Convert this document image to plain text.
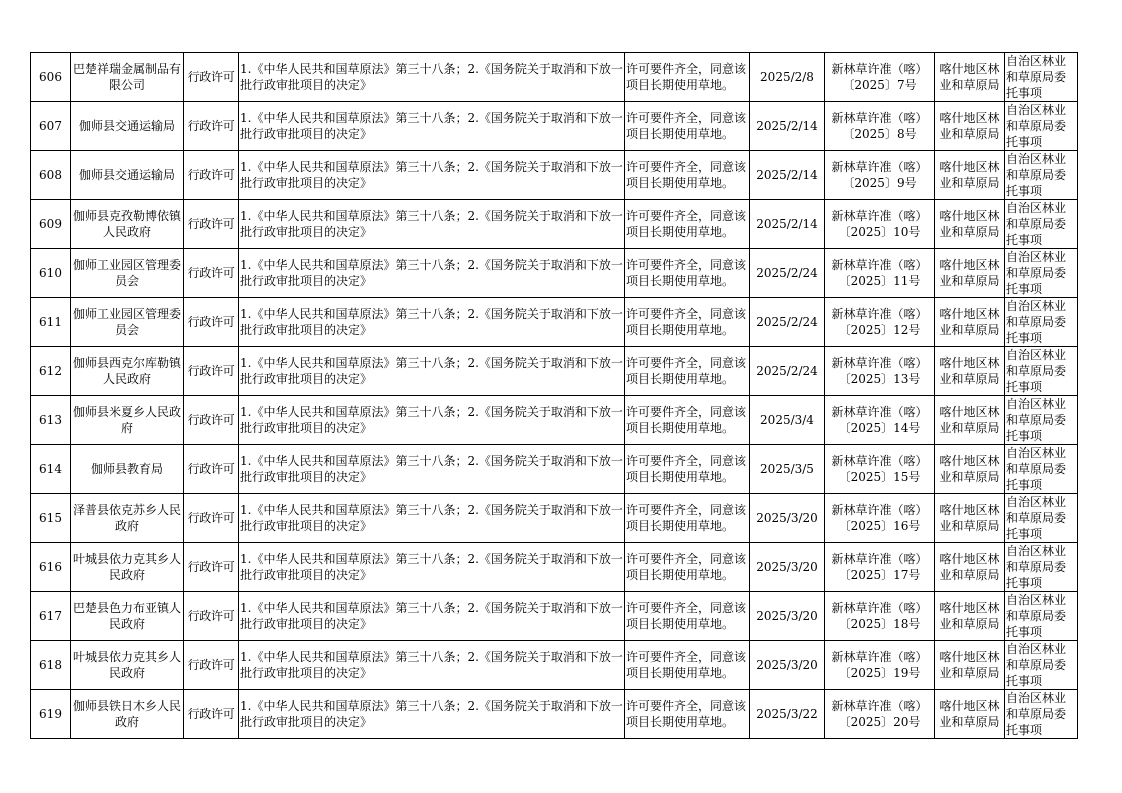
606	巴楚祥瑞金属制品有限公司	行政许可	1.《中华人民共和国草原法》第三十八条；2.《国务院关于取消和下放一批行政审批项目的决定》	许可要件齐全，同意该项目长期使用草地。	2025/2/8	新林草许准（喀）〔2025〕7号	喀什地区林业和草原局	自治区林业和草原局委托事项
607	伽师县交通运输局	行政许可	1.《中华人民共和国草原法》第三十八条；2.《国务院关于取消和下放一批行政审批项目的决定》	许可要件齐全，同意该项目长期使用草地。	2025/2/14	新林草许准（喀）〔2025〕8号	喀什地区林业和草原局	自治区林业和草原局委托事项
608	伽师县交通运输局	行政许可	1.《中华人民共和国草原法》第三十八条；2.《国务院关于取消和下放一批行政审批项目的决定》	许可要件齐全，同意该项目长期使用草地。	2025/2/14	新林草许准（喀）〔2025〕9号	喀什地区林业和草原局	自治区林业和草原局委托事项
609	伽师县克孜勒博依镇人民政府	行政许可	1.《中华人民共和国草原法》第三十八条；2.《国务院关于取消和下放一批行政审批项目的决定》	许可要件齐全，同意该项目长期使用草地。	2025/2/14	新林草许准（喀）〔2025〕10号	喀什地区林业和草原局	自治区林业和草原局委托事项
610	伽师工业园区管理委员会	行政许可	1.《中华人民共和国草原法》第三十八条；2.《国务院关于取消和下放一批行政审批项目的决定》	许可要件齐全，同意该项目长期使用草地。	2025/2/24	新林草许准（喀）〔2025〕11号	喀什地区林业和草原局	自治区林业和草原局委托事项
611	伽师工业园区管理委员会	行政许可	1.《中华人民共和国草原法》第三十八条；2.《国务院关于取消和下放一批行政审批项目的决定》	许可要件齐全，同意该项目长期使用草地。	2025/2/24	新林草许准（喀）〔2025〕12号	喀什地区林业和草原局	自治区林业和草原局委托事项
612	伽师县西克尔库勒镇人民政府	行政许可	1.《中华人民共和国草原法》第三十八条；2.《国务院关于取消和下放一批行政审批项目的决定》	许可要件齐全，同意该项目长期使用草地。	2025/2/24	新林草许准（喀）〔2025〕13号	喀什地区林业和草原局	自治区林业和草原局委托事项
613	伽师县米夏乡人民政府	行政许可	1.《中华人民共和国草原法》第三十八条；2.《国务院关于取消和下放一批行政审批项目的决定》	许可要件齐全，同意该项目长期使用草地。	2025/3/4	新林草许准（喀）〔2025〕14号	喀什地区林业和草原局	自治区林业和草原局委托事项
614	伽师县教育局	行政许可	1.《中华人民共和国草原法》第三十八条；2.《国务院关于取消和下放一批行政审批项目的决定》	许可要件齐全，同意该项目长期使用草地。	2025/3/5	新林草许准（喀）〔2025〕15号	喀什地区林业和草原局	自治区林业和草原局委托事项
615	泽普县依克苏乡人民政府	行政许可	1.《中华人民共和国草原法》第三十八条；2.《国务院关于取消和下放一批行政审批项目的决定》	许可要件齐全，同意该项目长期使用草地。	2025/3/20	新林草许准（喀）〔2025〕16号	喀什地区林业和草原局	自治区林业和草原局委托事项
616	叶城县依力克其乡人民政府	行政许可	1.《中华人民共和国草原法》第三十八条；2.《国务院关于取消和下放一批行政审批项目的决定》	许可要件齐全，同意该项目长期使用草地。	2025/3/20	新林草许准（喀）〔2025〕17号	喀什地区林业和草原局	自治区林业和草原局委托事项
617	巴楚县色力布亚镇人民政府	行政许可	1.《中华人民共和国草原法》第三十八条；2.《国务院关于取消和下放一批行政审批项目的决定》	许可要件齐全，同意该项目长期使用草地。	2025/3/20	新林草许准（喀）〔2025〕18号	喀什地区林业和草原局	自治区林业和草原局委托事项
618	叶城县依力克其乡人民政府	行政许可	1.《中华人民共和国草原法》第三十八条；2.《国务院关于取消和下放一批行政审批项目的决定》	许可要件齐全，同意该项目长期使用草地。	2025/3/20	新林草许准（喀）〔2025〕19号	喀什地区林业和草原局	自治区林业和草原局委托事项
619	伽师县铁日木乡人民政府	行政许可	1.《中华人民共和国草原法》第三十八条；2.《国务院关于取消和下放一批行政审批项目的决定》	许可要件齐全，同意该项目长期使用草地。	2025/3/22	新林草许准（喀）〔2025〕20号	喀什地区林业和草原局	自治区林业和草原局委托事项
